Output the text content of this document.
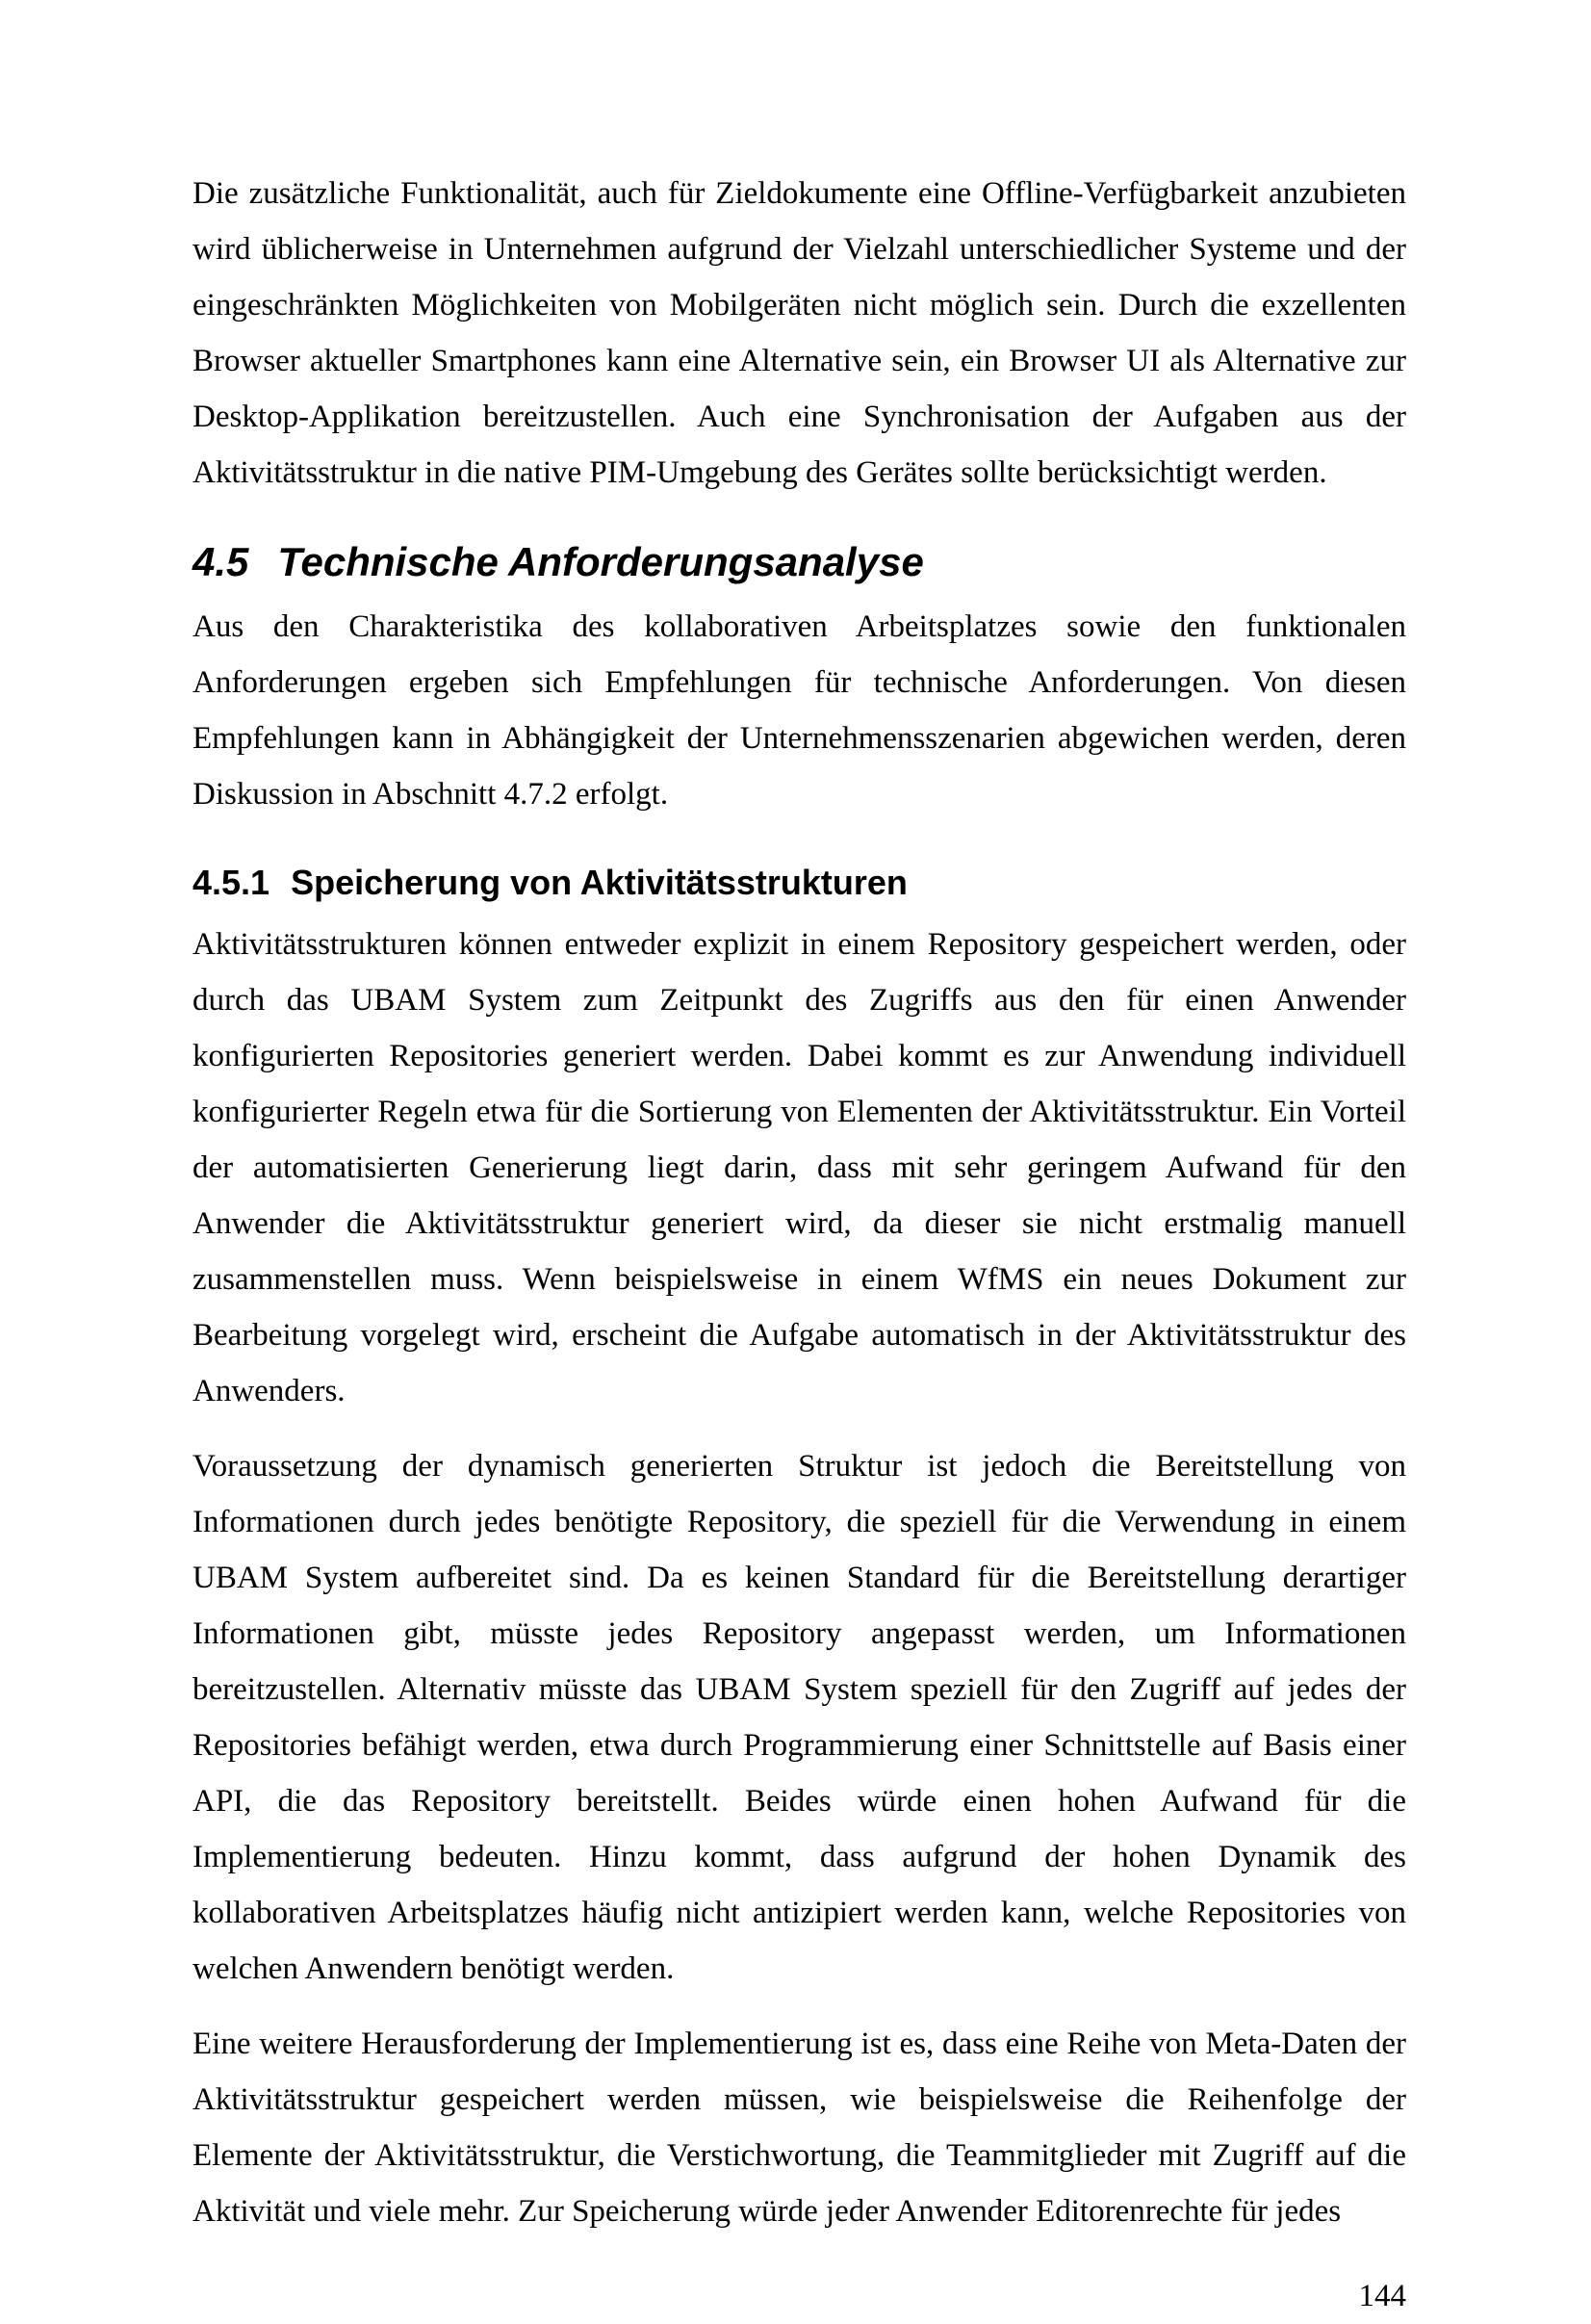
Die zusätzliche Funktionalität, auch für Zieldokumente eine Offline-Verfügbarkeit anzubieten wird üblicherweise in Unternehmen aufgrund der Vielzahl unterschiedlicher Systeme und der eingeschränkten Möglichkeiten von Mobilgeräten nicht möglich sein. Durch die exzellenten Browser aktueller Smartphones kann eine Alternative sein, ein Browser UI als Alternative zur Desktop-Applikation bereitzustellen. Auch eine Synchronisation der Aufgaben aus der Aktivitätsstruktur in die native PIM-Umgebung des Gerätes sollte berücksichtigt werden.

4.5 Technische Anforderungsanalyse

Aus den Charakteristika des kollaborativen Arbeitsplatzes sowie den funktionalen Anforderungen ergeben sich Empfehlungen für technische Anforderungen. Von diesen Empfehlungen kann in Abhängigkeit der Unternehmensszenarien abgewichen werden, deren Diskussion in Abschnitt 4.7.2 erfolgt.

4.5.1 Speicherung von Aktivitätsstrukturen

Aktivitätsstrukturen können entweder explizit in einem Repository gespeichert werden, oder durch das UBAM System zum Zeitpunkt des Zugriffs aus den für einen Anwender konfigurierten Repositories generiert werden. Dabei kommt es zur Anwendung individuell konfigurierter Regeln etwa für die Sortierung von Elementen der Aktivitätsstruktur. Ein Vorteil der automatisierten Generierung liegt darin, dass mit sehr geringem Aufwand für den Anwender die Aktivitätsstruktur generiert wird, da dieser sie nicht erstmalig manuell zusammenstellen muss. Wenn beispielsweise in einem WfMS ein neues Dokument zur Bearbeitung vorgelegt wird, erscheint die Aufgabe automatisch in der Aktivitätsstruktur des Anwenders.

Voraussetzung der dynamisch generierten Struktur ist jedoch die Bereitstellung von Informationen durch jedes benötigte Repository, die speziell für die Verwendung in einem UBAM System aufbereitet sind. Da es keinen Standard für die Bereitstellung derartiger Informationen gibt, müsste jedes Repository angepasst werden, um Informationen bereitzustellen. Alternativ müsste das UBAM System speziell für den Zugriff auf jedes der Repositories befähigt werden, etwa durch Programmierung einer Schnittstelle auf Basis einer API, die das Repository bereitstellt. Beides würde einen hohen Aufwand für die Implementierung bedeuten. Hinzu kommt, dass aufgrund der hohen Dynamik des kollaborativen Arbeitsplatzes häufig nicht antizipiert werden kann, welche Repositories von welchen Anwendern benötigt werden.

Eine weitere Herausforderung der Implementierung ist es, dass eine Reihe von Meta-Daten der Aktivitätsstruktur gespeichert werden müssen, wie beispielsweise die Reihenfolge der Elemente der Aktivitätsstruktur, die Verstichwortung, die Teammitglieder mit Zugriff auf die Aktivität und viele mehr. Zur Speicherung würde jeder Anwender Editorenrechte für jedes

144
